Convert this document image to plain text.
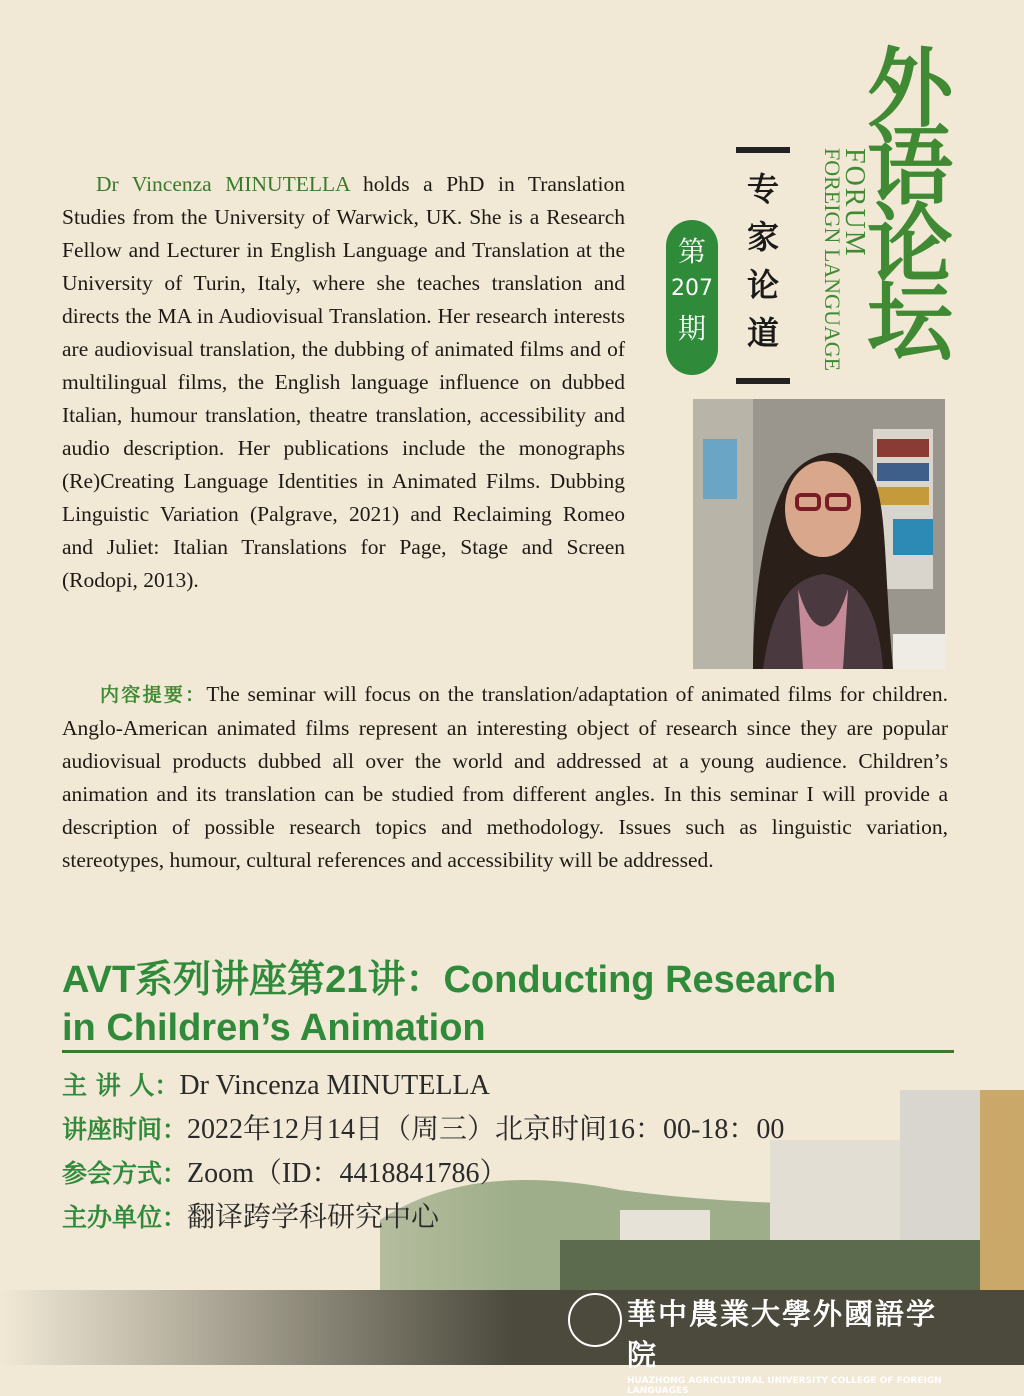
外
语
论
坛
FORUM
FOREIGN LANGUAGE
专
家
论
道
第
207
期
Dr Vincenza MINUTELLA holds a PhD in Translation Studies from the University of Warwick, UK. She is a Research Fellow and Lecturer in English Language and Translation at the University of Turin, Italy, where she teaches translation and directs the MA in Audiovisual Translation. Her research interests are audiovisual translation, the dubbing of animated films and of multilingual films, the English language influence on dubbed Italian, humour translation, theatre translation, accessibility and audio description. Her publications include the monographs (Re)Creating Language Identities in Animated Films. Dubbing Linguistic Variation (Palgrave, 2021) and Reclaiming Romeo and Juliet: Italian Translations for Page, Stage and Screen (Rodopi, 2013).
内容提要：The seminar will focus on the translation/adaptation of animated films for children. Anglo-American animated films represent an interesting object of research since they are popular audiovisual products dubbed all over the world and addressed at a young audience. Children’s animation and its translation can be studied from different angles. In this seminar I will provide a description of possible research topics and methodology. Issues such as linguistic variation, stereotypes, humour, cultural references and accessibility will be addressed.
AVT系列讲座第21讲：Conducting Research
in Children’s Animation
主 讲 人：Dr Vincenza MINUTELLA
讲座时间：2022年12月14日（周三）北京时间16：00-18：00
参会方式：Zoom（ID：4418841786）
主办单位：翻译跨学科研究中心
華中農業大學外國語学院
HUAZHONG AGRICULTURAL UNIVERSITY COLLEGE OF FOREIGN LANGUAGES
